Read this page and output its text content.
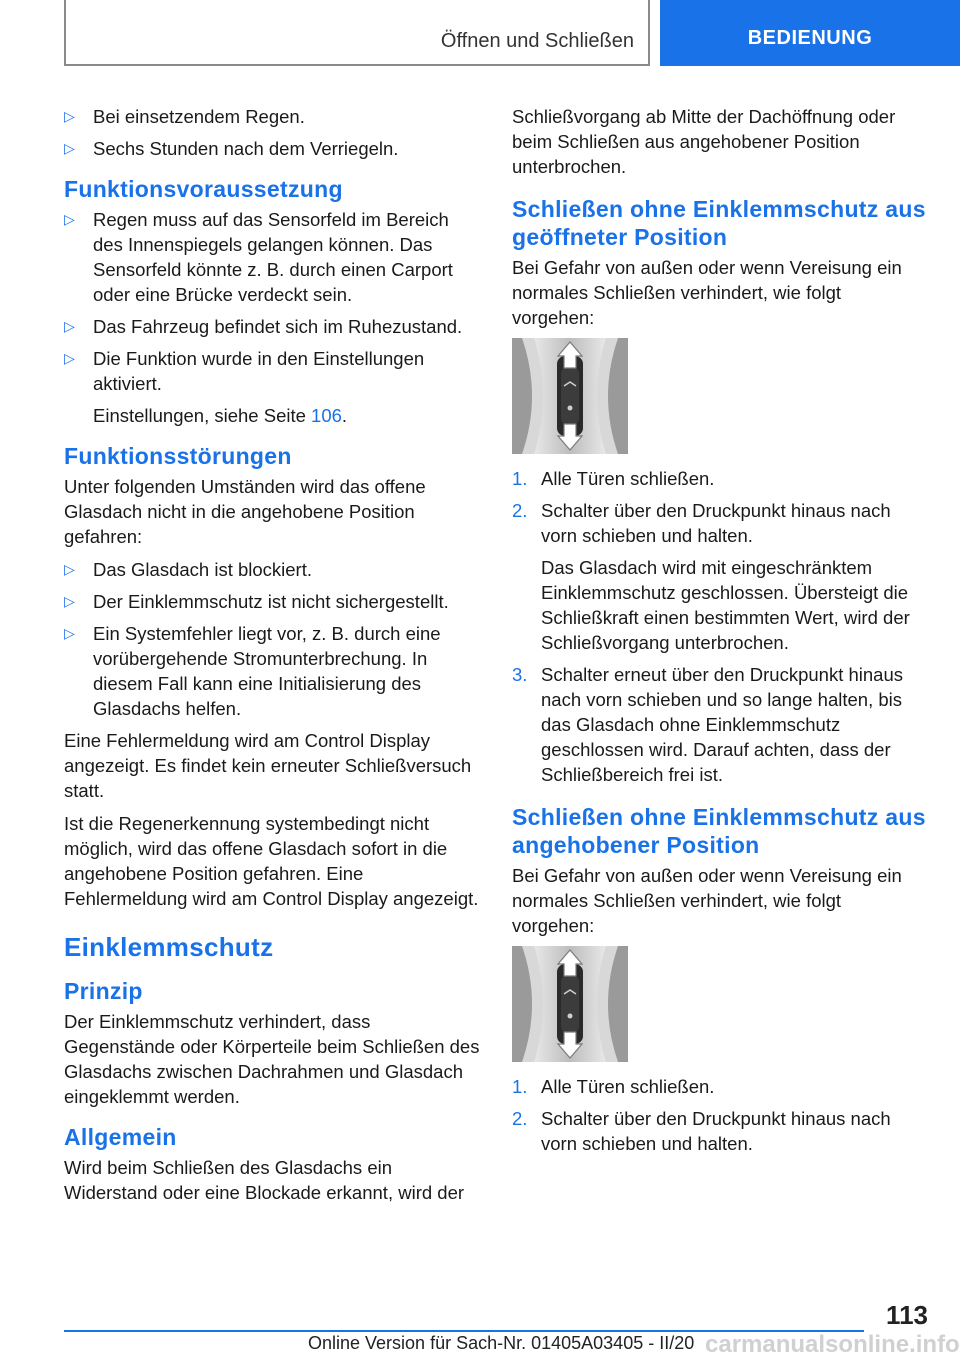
Öffnen und Schließen	BEDIENUNG
▷ Bei einsetzendem Regen.
▷ Sechs Stunden nach dem Verriegeln.
Funktionsvoraussetzung
▷ Regen muss auf das Sensorfeld im Bereich des Innenspiegels gelangen können. Das Sensorfeld könnte z. B. durch einen Carport oder eine Brücke verdeckt sein.
▷ Das Fahrzeug befindet sich im Ruhezustand.
▷ Die Funktion wurde in den Einstellungen aktiviert.
Einstellungen, siehe Seite 106.
Funktionsstörungen

Unter folgenden Umständen wird das offene Glasdach nicht in die angehobene Position gefahren:

▷ Das Glasdach ist blockiert.
▷ Der Einklemmschutz ist nicht sichergestellt.
▷ Ein Systemfehler liegt vor, z. B. durch eine vorübergehende Stromunterbrechung. In diesem Fall kann eine Initialisierung des Glasdachs helfen.

Eine Fehlermeldung wird am Control Display angezeigt. Es findet kein erneuter Schließversuch statt.

Ist die Regenerkennung systembedingt nicht möglich, wird das offene Glasdach sofort in die angehobene Position gefahren. Eine Fehlermeldung wird am Control Display angezeigt.

Einklemmschutz
Prinzip

Der Einklemmschutz verhindert, dass Gegenstände oder Körperteile beim Schließen des Glasdachs zwischen Dachrahmen und Glasdach eingeklemmt werden.

Allgemein

Wird beim Schließen des Glasdachs ein Widerstand oder eine Blockade erkannt, wird der

Schließvorgang ab Mitte der Dachöffnung oder beim Schließen aus angehobener Position unterbrochen.

Schließen ohne Einklemmschutz aus geöffneter Position

Bei Gefahr von außen oder wenn Vereisung ein normales Schließen verhindert, wie folgt vorgehen:

1. Alle Türen schließen.
2. Schalter über den Druckpunkt hinaus nach vorn schieben und halten.
Das Glasdach wird mit eingeschränktem Einklemmschutz geschlossen. Übersteigt die Schließkraft einen bestimmten Wert, wird der Schließvorgang unterbrochen.
3. Schalter erneut über den Druckpunkt hinaus nach vorn schieben und so lange halten, bis das Glasdach ohne Einklemmschutz geschlossen wird. Darauf achten, dass der Schließbereich frei ist.
Schließen ohne Einklemmschutz aus angehobener Position

Bei Gefahr von außen oder wenn Vereisung ein normales Schließen verhindert, wie folgt vorgehen:

1. Alle Türen schließen.
2. Schalter über den Druckpunkt hinaus nach vorn schieben und halten.
113
carmanualsonline.info
Online Version für Sach-Nr. 01405A03405 - II/20
